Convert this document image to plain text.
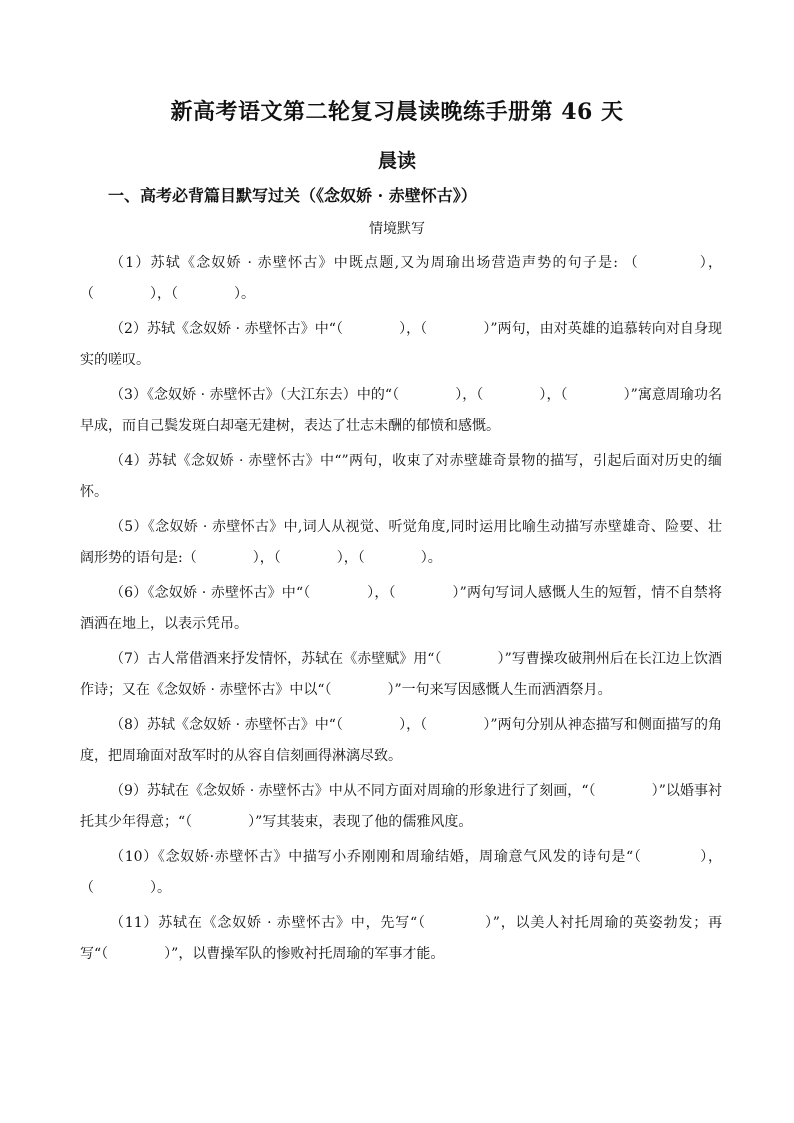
新高考语文第二轮复习晨读晚练手册第 46 天
晨读
一、高考必背篇目默写过关（《念奴娇 · 赤壁怀古》）
情境默写

（1）苏轼《念奴娇 · 赤壁怀古》中既点题,又为周瑜出场营造声势的句子是: （　　　　），（　　　　），（　　　　）。

（2）苏轼《念奴娇 · 赤壁怀古》中“（　　　　），（　　　　）”两句，由对英雄的追慕转向对自身现实的嗟叹。

（3）《念奴娇 · 赤壁怀古》（大江东去）中的“（　　　　），（　　　　），（　　　　）”寓意周瑜功名早成，而自己鬓发斑白却毫无建树，表达了壮志未酬的郁愤和感慨。

（4）苏轼《念奴娇 · 赤壁怀古》中“”两句，收束了对赤壁雄奇景物的描写，引起后面对历史的缅怀。

（5）《念奴娇 · 赤壁怀古》中,词人从视觉、听觉角度,同时运用比喻生动描写赤壁雄奇、险要、壮阔形势的语句是:（　　　　），（　　　　），（　　　　）。

（6）《念奴娇 · 赤壁怀古》中“（　　　　），（　　　　）”两句写词人感慨人生的短暂，情不自禁将酒洒在地上，以表示凭吊。

（7）古人常借酒来抒发情怀，苏轼在《赤壁赋》用“（　　　　）”写曹操攻破荆州后在长江边上饮酒作诗；又在《念奴娇 · 赤壁怀古》中以“（　　　　）”一句来写因感慨人生而洒酒祭月。

（8）苏轼《念奴娇 · 赤壁怀古》中“（　　　　），（　　　　）”两句分别从神态描写和侧面描写的角度，把周瑜面对敌军时的从容自信刻画得淋漓尽致。

（9）苏轼在《念奴娇 · 赤壁怀古》中从不同方面对周瑜的形象进行了刻画，“（　　　　）”以婚事衬托其少年得意；“（　　　　）”写其装束，表现了他的儒雅风度。

（10）《念奴娇·赤壁怀古》中描写小乔刚刚和周瑜结婚，周瑜意气风发的诗句是“（　　　　），（　　　　）。

（11）苏轼在《念奴娇 · 赤壁怀古》中，先写“（　　　　）”，以美人衬托周瑜的英姿勃发；再写“（　　　　）”，以曹操军队的惨败衬托周瑜的军事才能。
